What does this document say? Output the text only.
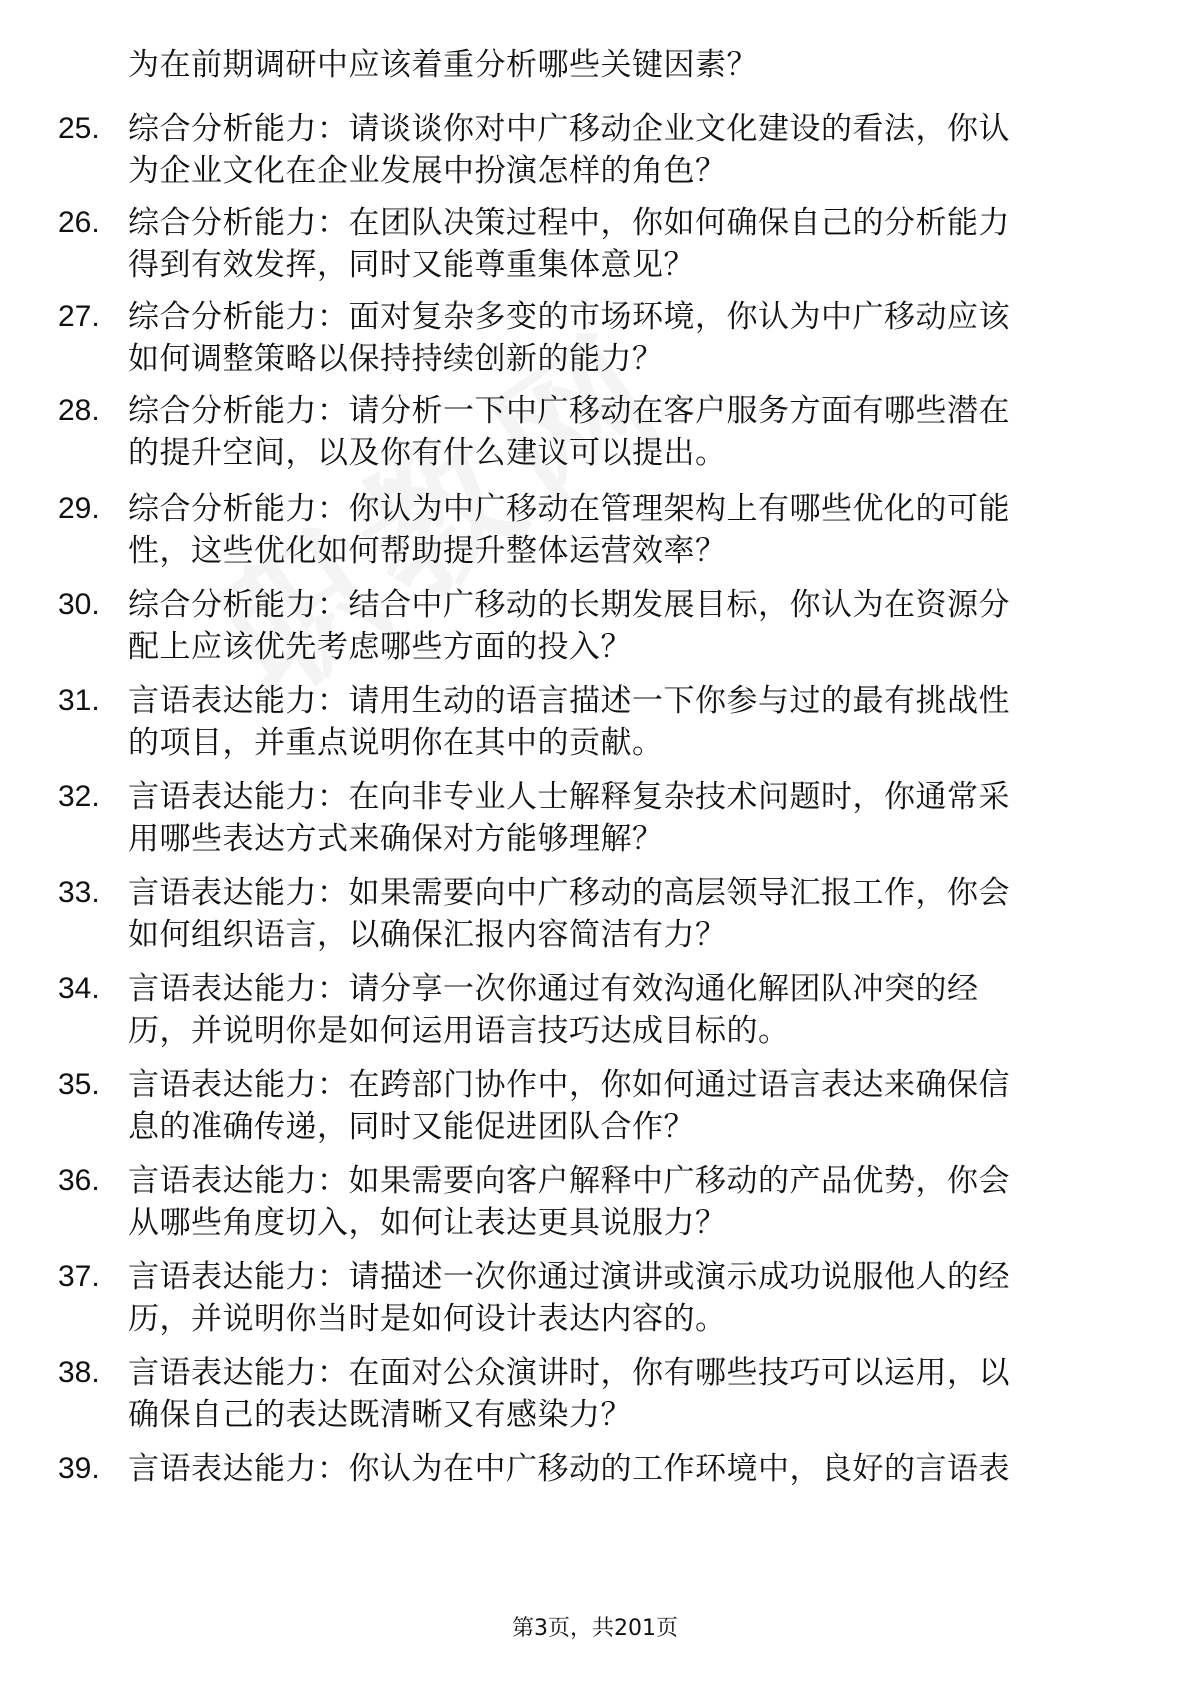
为在前期调研中应该着重分析哪些关键因素？
25. 综合分析能力：请谈谈你对中广移动企业文化建设的看法，你认
为企业文化在企业发展中扮演怎样的角色？
26. 综合分析能力：在团队决策过程中，你如何确保自己的分析能力
得到有效发挥，同时又能尊重集体意见？
27. 综合分析能力：面对复杂多变的市场环境，你认为中广移动应该
如何调整策略以保持持续创新的能力？
28. 综合分析能力：请分析一下中广移动在客户服务方面有哪些潜在
的提升空间，以及你有什么建议可以提出。
29. 综合分析能力：你认为中广移动在管理架构上有哪些优化的可能
性，这些优化如何帮助提升整体运营效率？
30. 综合分析能力：结合中广移动的长期发展目标，你认为在资源分
配上应该优先考虑哪些方面的投入？
31. 言语表达能力：请用生动的语言描述一下你参与过的最有挑战性
的项目，并重点说明你在其中的贡献。
32. 言语表达能力：在向非专业人士解释复杂技术问题时，你通常采
用哪些表达方式来确保对方能够理解？
33. 言语表达能力：如果需要向中广移动的高层领导汇报工作，你会
如何组织语言，以确保汇报内容简洁有力？
34. 言语表达能力：请分享一次你通过有效沟通化解团队冲突的经
历，并说明你是如何运用语言技巧达成目标的。
35. 言语表达能力：在跨部门协作中，你如何通过语言表达来确保信
息的准确传递，同时又能促进团队合作？
36. 言语表达能力：如果需要向客户解释中广移动的产品优势，你会
从哪些角度切入，如何让表达更具说服力？
37. 言语表达能力：请描述一次你通过演讲或演示成功说服他人的经
历，并说明你当时是如何设计表达内容的。
38. 言语表达能力：在面对公众演讲时，你有哪些技巧可以运用，以
确保自己的表达既清晰又有感染力？
39. 言语表达能力：你认为在中广移动的工作环境中，良好的言语表
第3页，共201页
